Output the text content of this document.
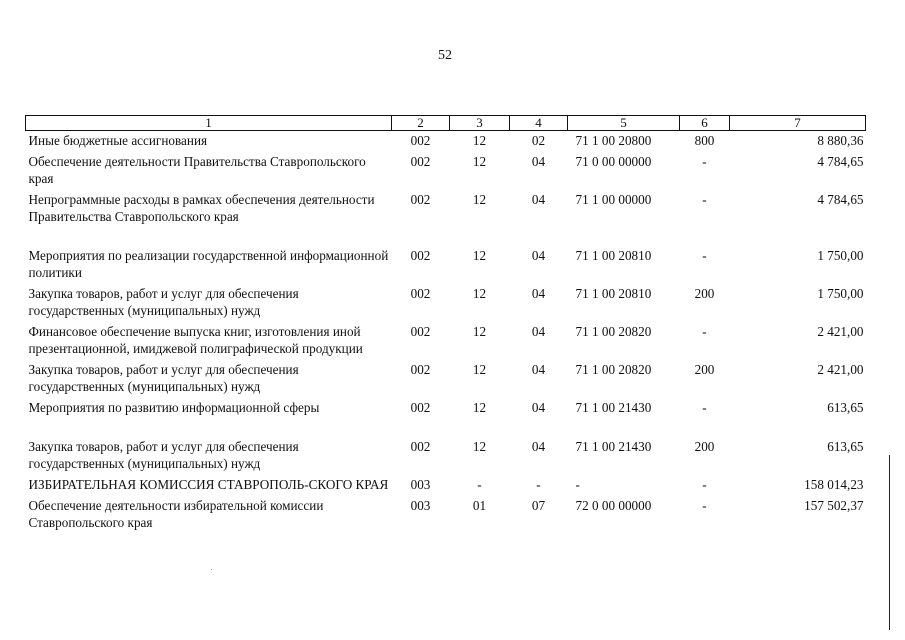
52
1	2	3	4	5	6	7
Иные бюджетные ассигнования	002	12	02	71 1 00 20800	800	8 880,36
Обеспечение деятельности Правительства Ставропольского края	002	12	04	71 0 00 00000	-	4 784,65
Непрограммные расходы в рамках обеспечения деятельности Правительства Ставропольского края	002	12	04	71 1 00 00000	-	4 784,65
Мероприятия по реализации государственной информационной политики	002	12	04	71 1 00 20810	-	1 750,00
Закупка товаров, работ и услуг для обеспечения государственных (муниципальных) нужд	002	12	04	71 1 00 20810	200	1 750,00
Финансовое обеспечение выпуска книг, изготовления иной презентационной, имиджевой полиграфической продукции	002	12	04	71 1 00 20820	-	2 421,00
Закупка товаров, работ и услуг для обеспечения государственных (муниципальных) нужд	002	12	04	71 1 00 20820	200	2 421,00
Мероприятия по развитию информационной сферы	002	12	04	71 1 00 21430	-	613,65
Закупка товаров, работ и услуг для обеспечения государственных (муниципальных) нужд	002	12	04	71 1 00 21430	200	613,65
ИЗБИРАТЕЛЬНАЯ КОМИССИЯ СТАВРОПОЛЬ-СКОГО КРАЯ	003	-	-	-	-	158 014,23
Обеспечение деятельности избирательной комиссии Ставропольского края	003	01	07	72 0 00 00000	-	157 502,37
